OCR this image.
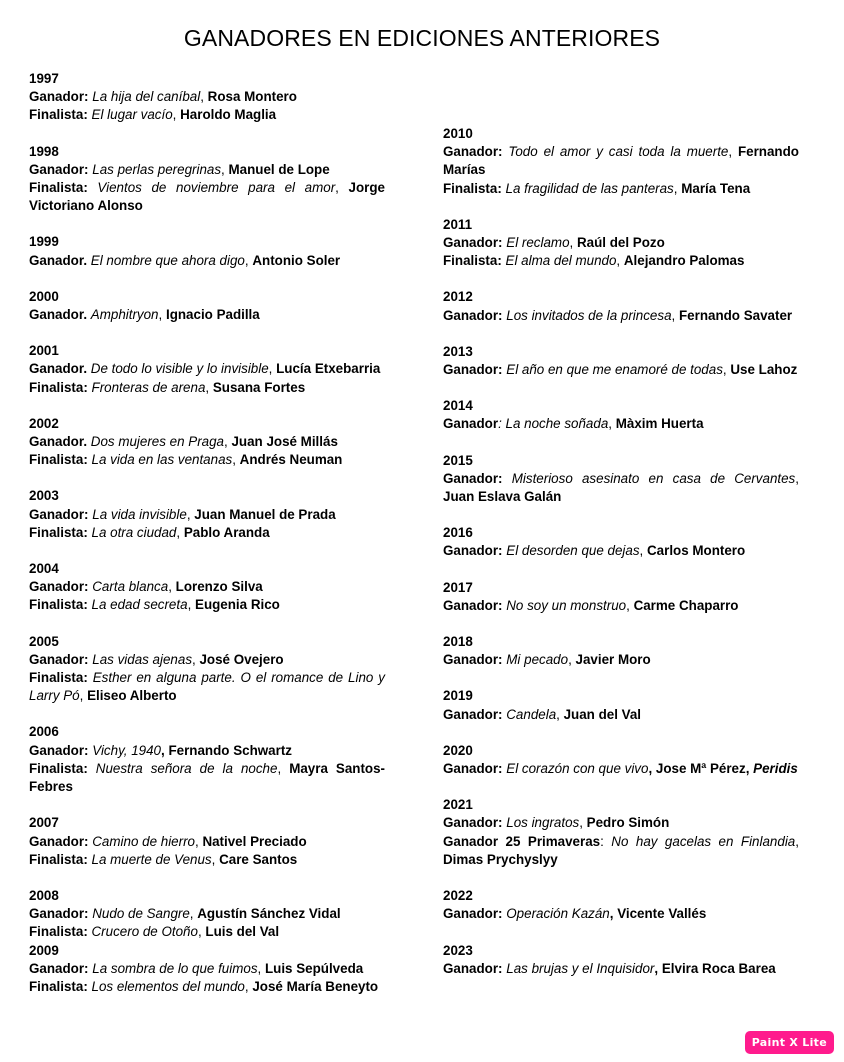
GANADORES EN EDICIONES ANTERIORES
1997
Ganador: La hija del caníbal, Rosa Montero
Finalista: El lugar vacío, Haroldo Maglia
1998
Ganador: Las perlas peregrinas, Manuel de Lope
Finalista: Vientos de noviembre para el amor, Jorge Victoriano Alonso
1999
Ganador. El nombre que ahora digo, Antonio Soler
2000
Ganador. Amphitryon, Ignacio Padilla
2001
Ganador. De todo lo visible y lo invisible, Lucía Etxebarria
Finalista: Fronteras de arena, Susana Fortes
2002
Ganador. Dos mujeres en Praga, Juan José Millás
Finalista: La vida en las ventanas, Andrés Neuman
2003
Ganador: La vida invisible, Juan Manuel de Prada
Finalista: La otra ciudad, Pablo Aranda
2004
Ganador: Carta blanca, Lorenzo Silva
Finalista: La edad secreta, Eugenia Rico
2005
Ganador: Las vidas ajenas, José Ovejero
Finalista: Esther en alguna parte. O el romance de Lino y Larry Pó, Eliseo Alberto
2006
Ganador: Vichy, 1940, Fernando Schwartz
Finalista: Nuestra señora de la noche, Mayra Santos-Febres
2007
Ganador: Camino de hierro, Nativel Preciado
Finalista: La muerte de Venus, Care Santos
2008
Ganador: Nudo de Sangre, Agustín Sánchez Vidal
Finalista: Crucero de Otoño, Luis del Val
2009
Ganador: La sombra de lo que fuimos, Luis Sepúlveda
Finalista: Los elementos del mundo, José María Beneyto
2010
Ganador: Todo el amor y casi toda la muerte, Fernando Marías
Finalista: La fragilidad de las panteras, María Tena
2011
Ganador: El reclamo, Raúl del Pozo
Finalista: El alma del mundo, Alejandro Palomas
2012
Ganador: Los invitados de la princesa, Fernando Savater
2013
Ganador: El año en que me enamoré de todas, Use Lahoz
2014
Ganador: La noche soñada, Màxim Huerta
2015
Ganador: Misterioso asesinato en casa de Cervantes, Juan Eslava Galán
2016
Ganador: El desorden que dejas, Carlos Montero
2017
Ganador: No soy un monstruo, Carme Chaparro
2018
Ganador: Mi pecado, Javier Moro
2019
Ganador: Candela, Juan del Val
2020
Ganador: El corazón con que vivo, Jose Mª Pérez, Peridis
2021
Ganador: Los ingratos, Pedro Simón
Ganador 25 Primaveras: No hay gacelas en Finlandia, Dimas Prychyslyy
2022
Ganador: Operación Kazán, Vicente Vallés
2023
Ganador: Las brujas y el Inquisidor, Elvira Roca Barea
Paint X Lite
